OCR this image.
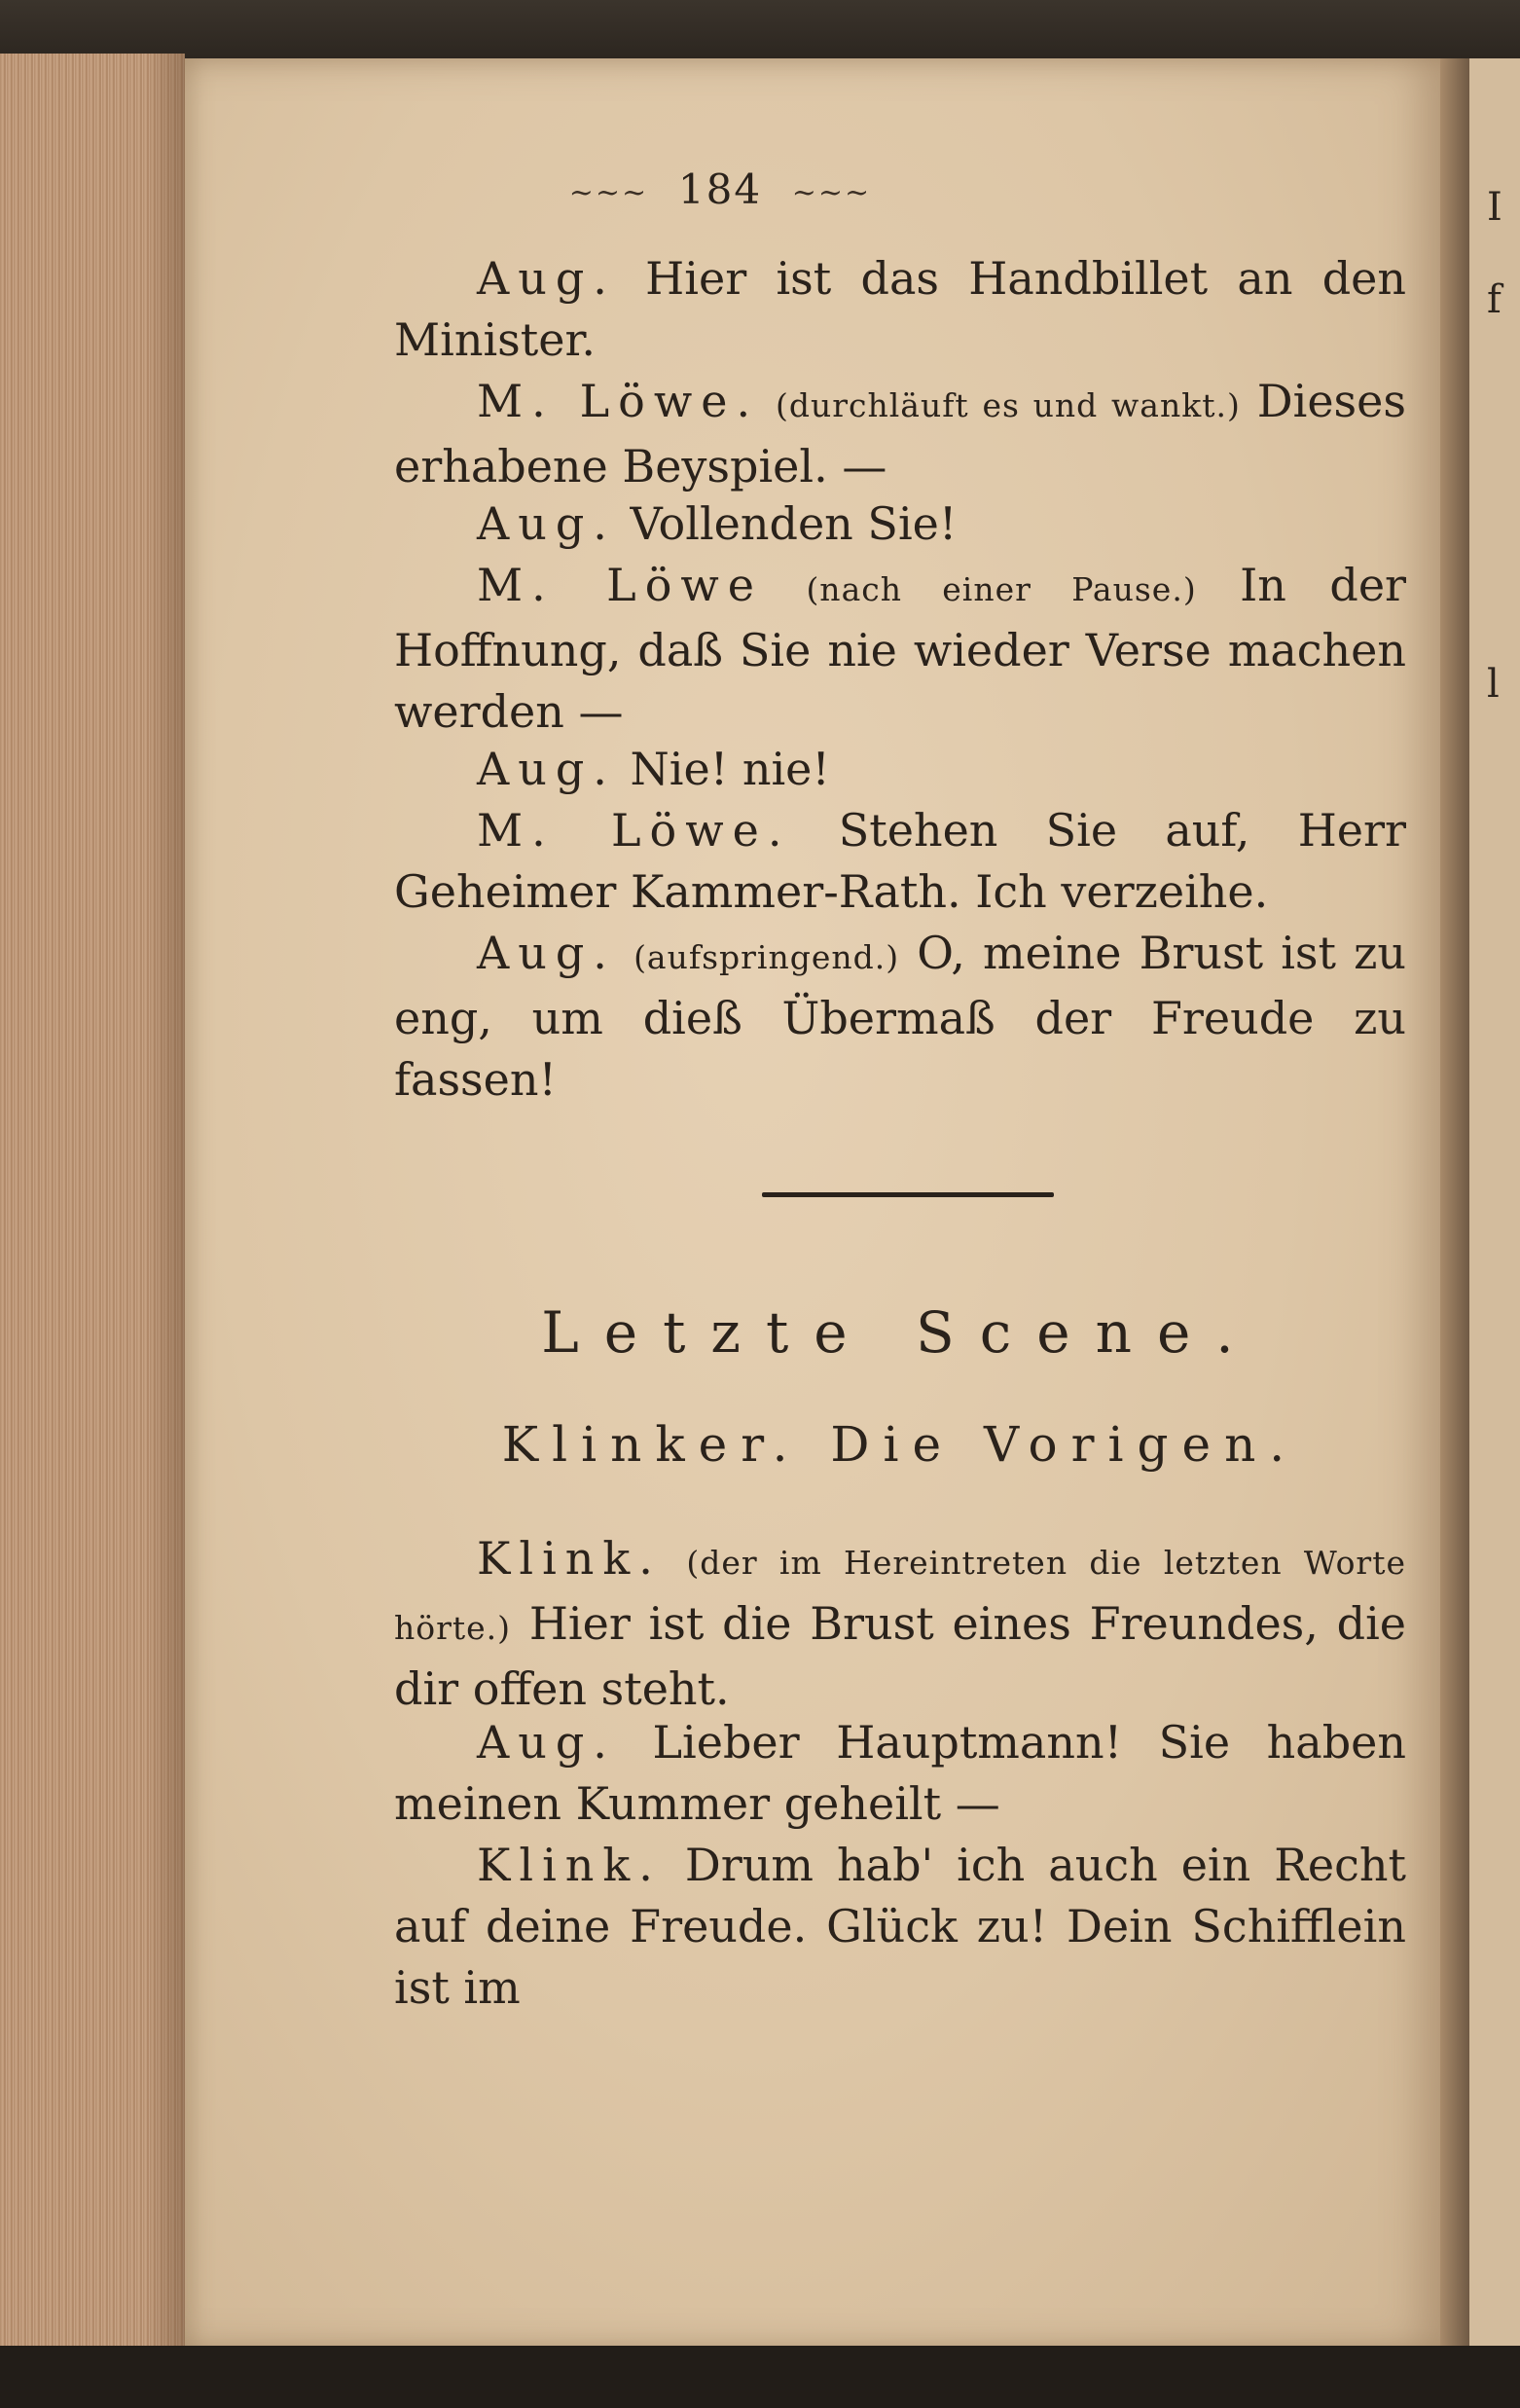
I
f
l
~~~ 184 ~~~

Aug. Hier ist das Handbillet an den Minister.

M. Löwe. (durchläuft es und wankt.) Dieses erhabene Beyspiel. —

Aug. Vollenden Sie!

M. Löwe (nach einer Pause.) In der Hoffnung, daß Sie nie wieder Verse machen werden —

Aug. Nie! nie!

M. Löwe. Stehen Sie auf, Herr Geheimer Kammer-Rath. Ich verzeihe.

Aug. (aufspringend.) O, meine Brust ist zu eng, um dieß Übermaß der Freude zu fassen!

Letzte Scene.
Klinker. Die Vorigen.

Klink. (der im Hereintreten die letzten Worte hörte.) Hier ist die Brust eines Freundes, die dir offen steht.

Aug. Lieber Hauptmann! Sie haben meinen Kummer geheilt —

Klink. Drum hab' ich auch ein Recht auf deine Freude. Glück zu! Dein Schifflein ist im
